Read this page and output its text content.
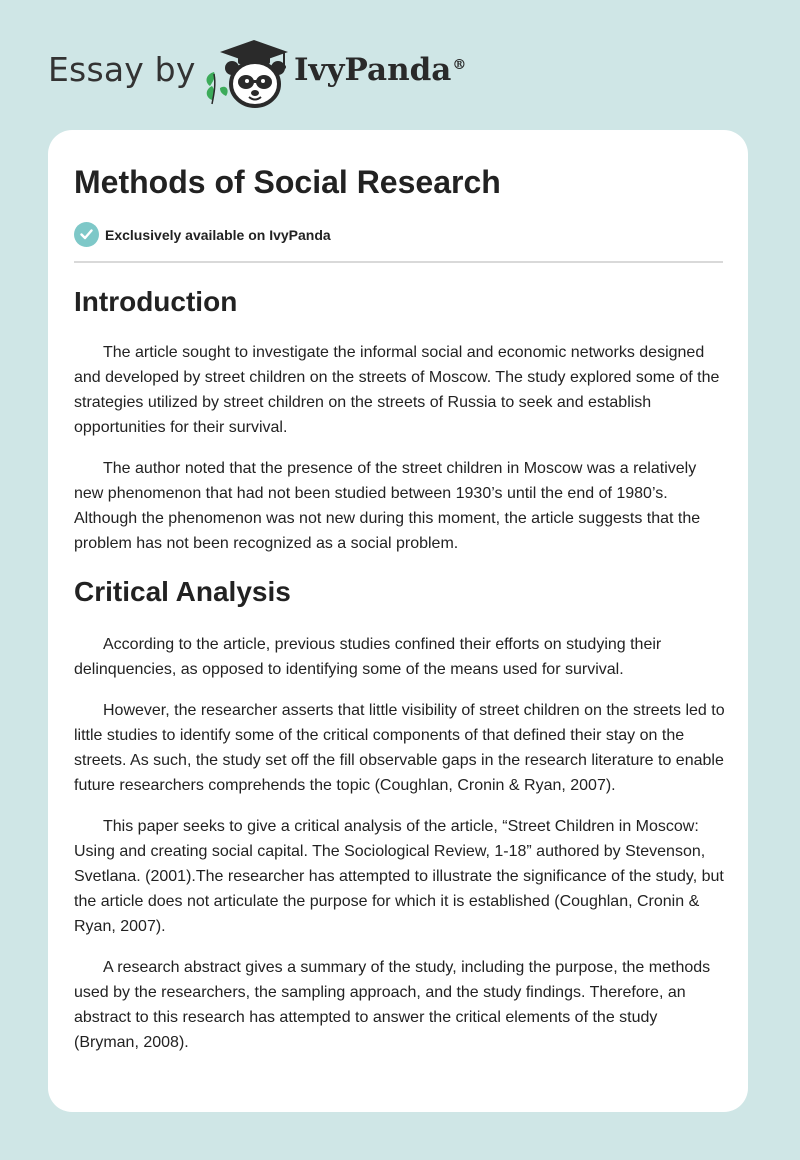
Essay by	IvyPanda®
Methods of Social Research
Exclusively available on IvyPanda
Introduction

The article sought to investigate the informal social and economic networks designed and developed by street children on the streets of Moscow. The study explored some of the strategies utilized by street children on the streets of Russia to seek and establish opportunities for their survival.

The author noted that the presence of the street children in Moscow was a relatively new phenomenon that had not been studied between 1930’s until the end of 1980’s. Although the phenomenon was not new during this moment, the article suggests that the problem has not been recognized as a social problem.

Critical Analysis

According to the article, previous studies confined their efforts on studying their delinquencies, as opposed to identifying some of the means used for survival.

However, the researcher asserts that little visibility of street children on the streets led to little studies to identify some of the critical components of that defined their stay on the streets. As such, the study set off the fill observable gaps in the research literature to enable future researchers comprehends the topic (Coughlan, Cronin & Ryan, 2007).

This paper seeks to give a critical analysis of the article, “Street Children in Moscow: Using and creating social capital. The Sociological Review, 1-18” authored by Stevenson, Svetlana. (2001).The researcher has attempted to illustrate the significance of the study, but the article does not articulate the purpose for which it is established (Coughlan, Cronin & Ryan, 2007).

A research abstract gives a summary of the study, including the purpose, the methods used by the researchers, the sampling approach, and the study findings. Therefore, an abstract to this research has attempted to answer the critical elements of the study (Bryman, 2008).
